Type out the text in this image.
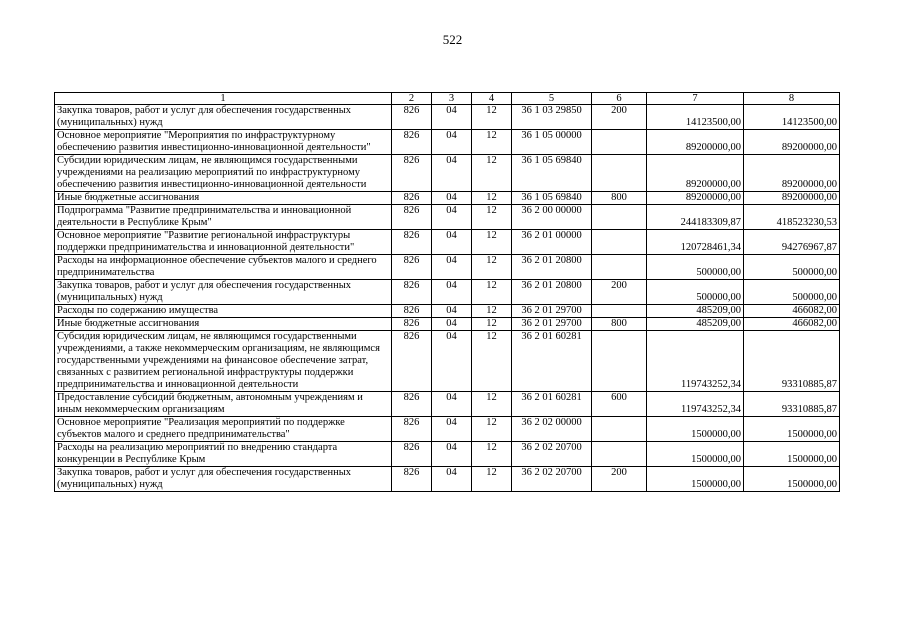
522
1	2	3	4	5	6	7	8
Закупка товаров, работ и услуг для обеспечения государственных (муниципальных) нужд	826	04	12	36 1 03 29850	200	14123500,00	14123500,00
Основное мероприятие "Мероприятия по инфраструктурному обеспечению развития инвестиционно-инновационной деятельности"	826	04	12	36 1 05 00000		89200000,00	89200000,00
Субсидии юридическим лицам, не являющимся государственными учреждениями на реализацию мероприятий по инфраструктурному обеспечению развития инвестиционно-инновационной деятельности	826	04	12	36 1 05 69840		89200000,00	89200000,00
Иные бюджетные ассигнования	826	04	12	36 1 05 69840	800	89200000,00	89200000,00
Подпрограмма "Развитие предпринимательства и инновационной деятельности в Республике Крым"	826	04	12	36 2 00 00000		244183309,87	418523230,53
Основное мероприятие "Развитие региональной инфраструктуры поддержки предпринимательства и инновационной деятельности"	826	04	12	36 2 01 00000		120728461,34	94276967,87
Расходы на информационное обеспечение субъектов малого и среднего предпринимательства	826	04	12	36 2 01 20800		500000,00	500000,00
Закупка товаров, работ и услуг для обеспечения государственных (муниципальных) нужд	826	04	12	36 2 01 20800	200	500000,00	500000,00
Расходы по содержанию имущества	826	04	12	36 2 01 29700		485209,00	466082,00
Иные бюджетные ассигнования	826	04	12	36 2 01 29700	800	485209,00	466082,00
Субсидия юридическим лицам, не являющимся государственными учреждениями, а также некоммерческим организациям, не являющимся государственными учреждениями на финансовое обеспечение затрат, связанных с развитием региональной инфраструктуры поддержки предпринимательства и инновационной деятельности	826	04	12	36 2 01 60281		119743252,34	93310885,87
Предоставление субсидий бюджетным, автономным учреждениям и иным некоммерческим организациям	826	04	12	36 2 01 60281	600	119743252,34	93310885,87
Основное мероприятие "Реализация мероприятий по поддержке субъектов малого и среднего предпринимательства"	826	04	12	36 2 02 00000		1500000,00	1500000,00
Расходы на реализацию мероприятий по внедрению стандарта конкуренции в Республике Крым	826	04	12	36 2 02 20700		1500000,00	1500000,00
Закупка товаров, работ и услуг для обеспечения государственных (муниципальных) нужд	826	04	12	36 2 02 20700	200	1500000,00	1500000,00
